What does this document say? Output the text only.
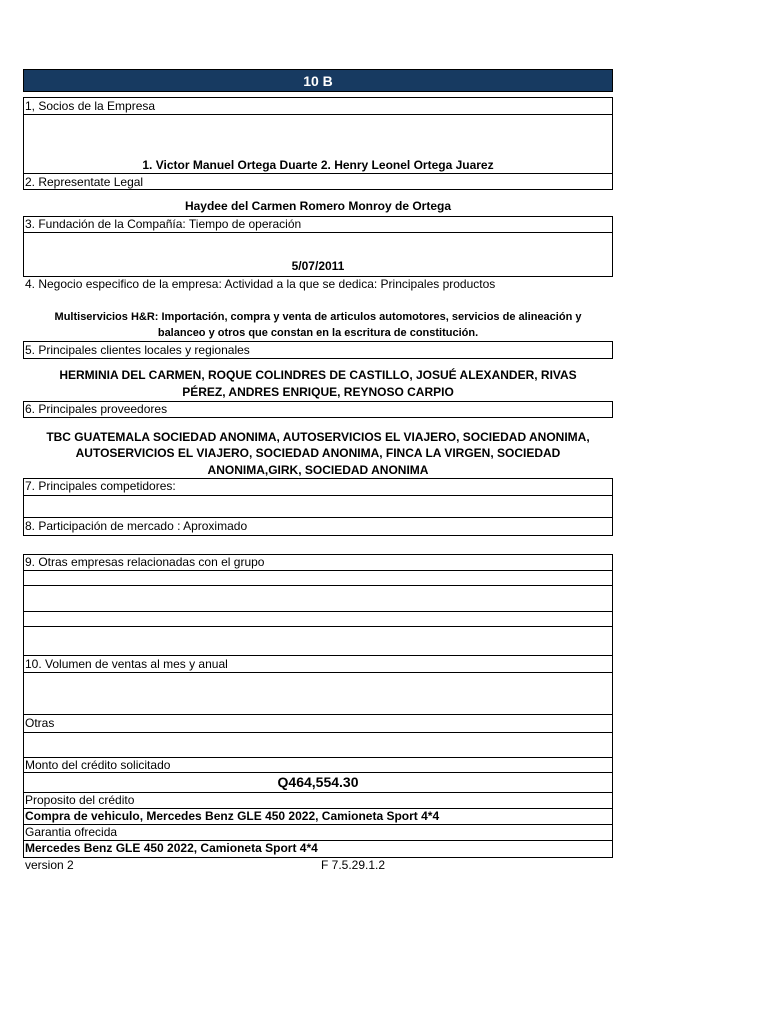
10 B
1, Socios de la Empresa
1. Victor Manuel Ortega Duarte 2. Henry Leonel Ortega Juarez
2. Representate Legal
Haydee del Carmen Romero Monroy de Ortega
3. Fundación de la Compañía: Tiempo de operación
5/07/2011
4. Negocio especifico de la empresa: Actividad a la que se dedica: Principales productos
Multiservicios H&R: Importación, compra y venta de articulos automotores, servicios de alineación y
balanceo y otros que constan en la escritura de constitución.
5. Principales clientes locales y regionales
HERMINIA DEL CARMEN, ROQUE COLINDRES DE CASTILLO, JOSUÉ ALEXANDER, RIVAS
PÉREZ, ANDRES ENRIQUE, REYNOSO CARPIO
6. Principales proveedores
TBC GUATEMALA SOCIEDAD ANONIMA, AUTOSERVICIOS EL VIAJERO, SOCIEDAD ANONIMA,
AUTOSERVICIOS EL VIAJERO, SOCIEDAD ANONIMA, FINCA LA VIRGEN, SOCIEDAD
ANONIMA,GIRK, SOCIEDAD ANONIMA
7. Principales competidores:
8. Participación de mercado : Aproximado
9. Otras empresas relacionadas con el grupo
10. Volumen de ventas al mes y anual
Otras
Monto del crédito solicitado
Q464,554.30
Proposito del crédito
Compra de vehiculo, Mercedes Benz GLE 450 2022, Camioneta Sport 4*4
Garantia ofrecida
Mercedes Benz GLE 450 2022, Camioneta Sport 4*4
version 2	F 7.5.29.1.2
